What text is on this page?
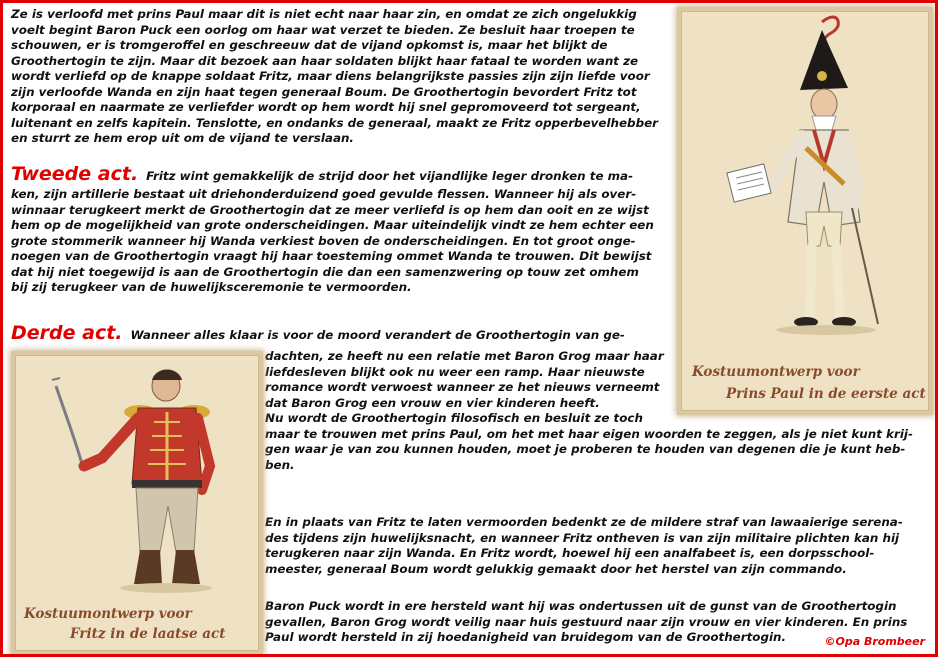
Ze is verloofd met prins Paul maar dit is niet echt naar haar zin, en omdat ze zich ongelukkig
voelt begint Baron Puck een oorlog om haar wat verzet te bieden. Ze besluit haar troepen te
schouwen, er is tromgeroffel en geschreeuw dat de vijand opkomst is, maar het blijkt de
Groothertogin te zijn. Maar dit bezoek aan haar soldaten blijkt haar fataal te worden want ze
wordt verliefd op de knappe soldaat Fritz, maar diens belangrijkste passies zijn zijn liefde voor
zijn verloofde Wanda en zijn haat tegen generaal Boum. De Groothertogin bevordert Fritz tot
korporaal en naarmate ze verliefder wordt op hem wordt hij snel gepromoveerd tot sergeant,
luitenant en zelfs kapitein. Tenslotte, en ondanks de generaal, maakt ze Fritz opperbevelhebber
en sturrt ze hem erop uit om de vijand te verslaan.
Tweede act. Fritz wint gemakkelijk de strijd door het vijandlijke leger dronken te ma-
ken, zijn artillerie bestaat uit driehonderduizend goed gevulde flessen. Wanneer hij als over-
winnaar terugkeert merkt de Groothertogin dat ze meer verliefd is op hem dan ooit en ze wijst
hem op de mogelijkheid van grote onderscheidingen. Maar uiteindelijk vindt ze hem echter een
grote stommerik wanneer hij Wanda verkiest boven de onderscheidingen. En tot groot onge-
noegen van de Groothertogin vraagt hij haar toesteming ommet Wanda te trouwen. Dit bewijst
dat hij niet toegewijd is aan de Groothertogin die dan een samenzwering op touw zet omhem
bij zij terugkeer van de huwelijksceremonie te vermoorden.
Derde act. Wanneer alles klaar is voor de moord verandert de Groothertogin van ge-
dachten, ze heeft nu een relatie met Baron Grog maar haar
liefdesleven blijkt ook nu weer een ramp. Haar nieuwste
romance wordt verwoest wanneer ze het nieuws verneemt
dat Baron Grog een vrouw en vier kinderen heeft.
Nu wordt de Groothertogin filosofisch en besluit ze toch
maar te trouwen met prins Paul, om het met haar eigen woorden te zeggen, als je niet kunt krij-
gen waar je van zou kunnen houden, moet je proberen te houden van degenen die je kunt heb-
ben.
En in plaats van Fritz te laten vermoorden bedenkt ze de mildere straf van lawaaierige serena-
des tijdens zijn huwelijksnacht, en wanneer Fritz ontheven is van zijn militaire plichten kan hij
terugkeren naar zijn Wanda. En Fritz wordt, hoewel hij een analfabeet is, een dorpsschool-
meester, generaal Boum wordt gelukkig gemaakt door het herstel van zijn commando.
Baron Puck wordt in ere hersteld want hij was ondertussen uit de gunst van de Groothertogin
gevallen, Baron Grog wordt veilig naar huis gestuurd naar zijn vrouw en vier kinderen. En prins
Paul wordt hersteld in zij hoedanigheid van bruidegom van de Groothertogin.
Kostuumontwerp voor
Prins Paul in de eerste act
Kostuumontwerp voor
Fritz in de laatse act	©Opa Brombeer
